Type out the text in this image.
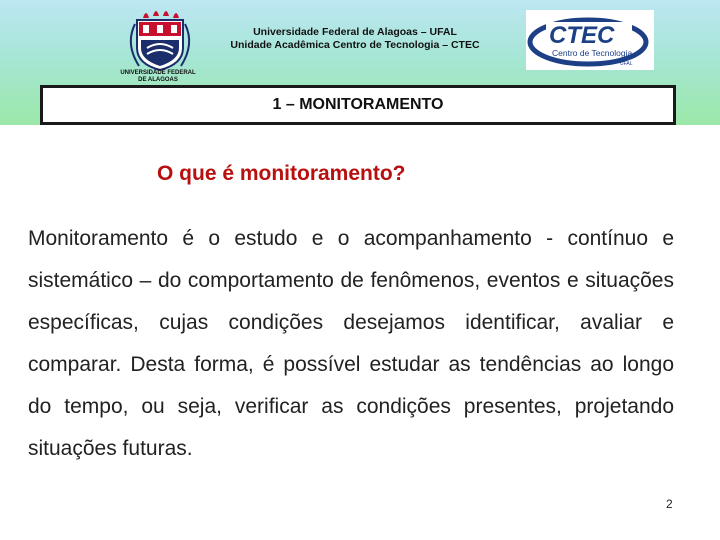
UNIVERSIDADE FEDERAL
DE ALAGOAS
Universidade Federal de Alagoas – UFAL
Unidade Acadêmica Centro de Tecnologia – CTEC	CTEC
Centro de Tecnologia
UFAL
1 – MONITORAMENTO
O que é monitoramento?

Monitoramento é o estudo e o acompanhamento - contínuo e sistemático – do comportamento de fenômenos, eventos e situações específicas, cujas condições desejamos identificar, avaliar e comparar. Desta forma, é possível estudar as tendências ao longo do tempo, ou seja, verificar as condições presentes, projetando situações futuras.

2
